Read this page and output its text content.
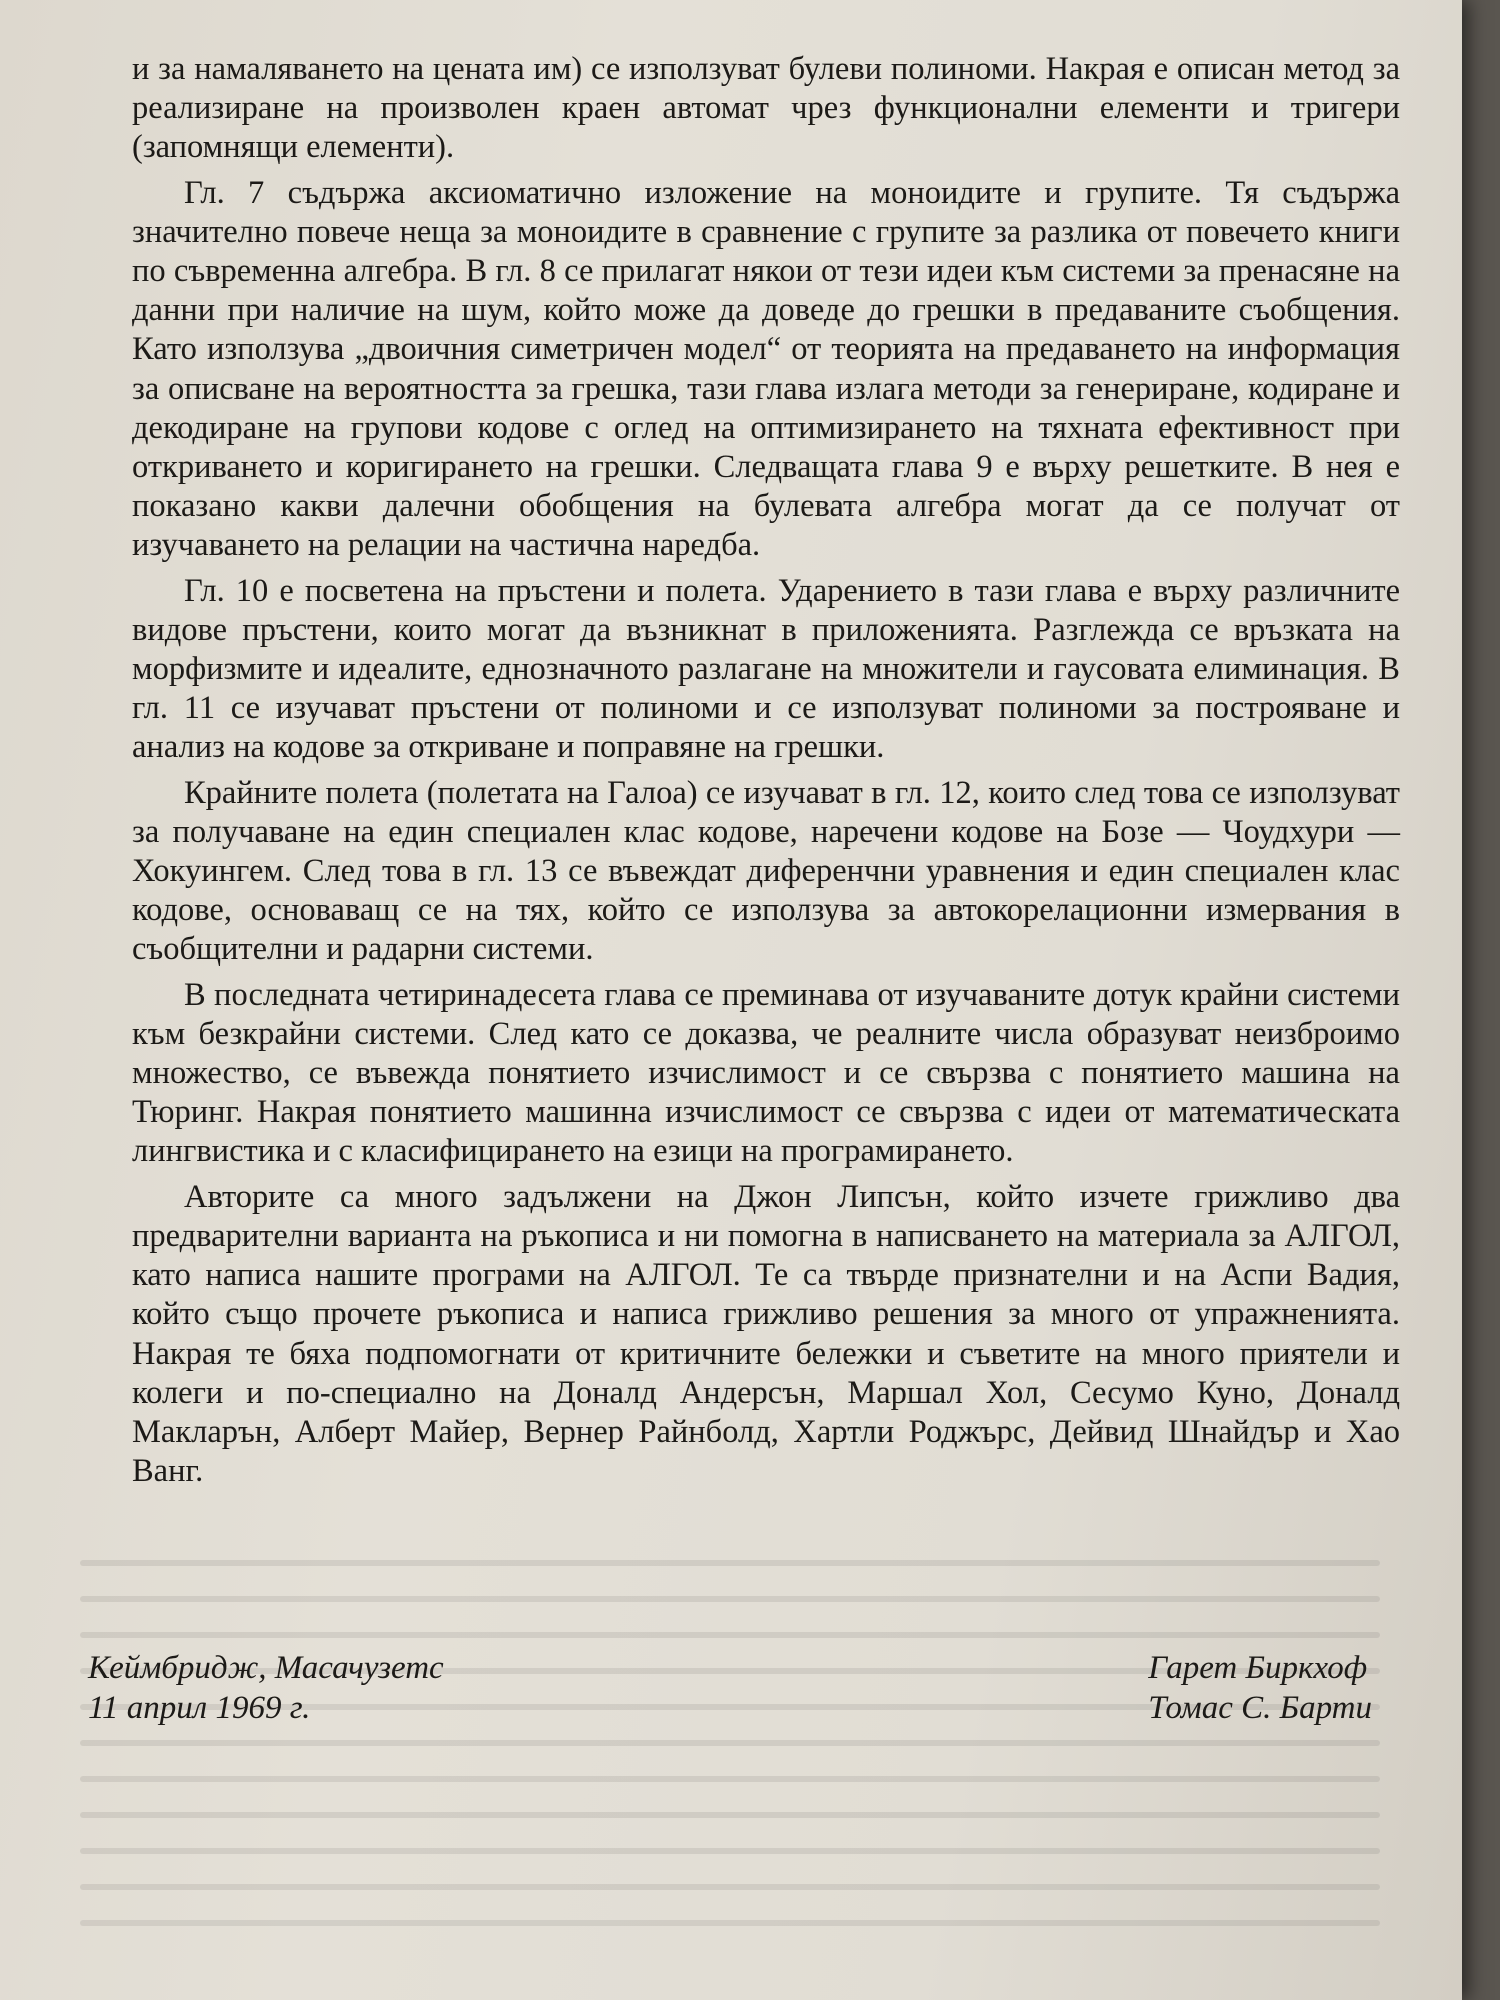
и за намаляването на цената им) се използуват булеви полиноми. Накрая е описан метод за реализиране на произволен краен автомат чрез функционални елементи и тригери (запомнящи елементи).

Гл. 7 съдържа аксиоматично изложение на моноидите и групите. Тя съдържа значително повече неща за моноидите в сравнение с групите за разлика от повечето книги по съвременна алгебра. В гл. 8 се прилагат някои от тези идеи към системи за пренасяне на данни при наличие на шум, който може да доведе до грешки в предаваните съобщения. Като използува „двоичния симетричен модел“ от теорията на предаването на информация за описване на вероятността за грешка, тази глава излага методи за генериране, кодиране и декодиране на групови кодове с оглед на оптимизирането на тяхната ефективност при откриването и коригирането на грешки. Следващата глава 9 е върху решетките. В нея е показано какви далечни обобщения на булевата алгебра могат да се получат от изучаването на релации на частична наредба.

Гл. 10 е посветена на пръстени и полета. Ударението в тази глава е върху различните видове пръстени, които могат да възникнат в приложенията. Разглежда се връзката на морфизмите и идеалите, еднозначното разлагане на множители и гаусовата елиминация. В гл. 11 се изучават пръстени от полиноми и се използуват полиноми за построяване и анализ на кодове за откриване и поправяне на грешки.

Крайните полета (полетата на Галоа) се изучават в гл. 12, които след това се използуват за получаване на един специален клас кодове, наречени кодове на Бозе — Чоудхури — Хокуингем. След това в гл. 13 се въвеждат диференчни уравнения и един специален клас кодове, основаващ се на тях, който се използува за автокорелационни измервания в съобщителни и радарни системи.

В последната четиринадесета глава се преминава от изучаваните дотук крайни системи към безкрайни системи. След като се доказва, че реалните числа образуват неизброимо множество, се въвежда понятието изчислимост и се свързва с понятието машина на Тюринг. Накрая понятието машинна изчислимост се свързва с идеи от математическата лингвистика и с класифицирането на езици на програмирането.

Авторите са много задължени на Джон Липсън, който изчете грижливо два предварителни варианта на ръкописа и ни помогна в написването на материала за АЛГОЛ, като написа нашите програми на АЛГОЛ. Те са твърде признателни и на Аспи Вадия, който също прочете ръкописа и написа грижливо решения за много от упражненията. Накрая те бяха подпомогнати от критичните бележки и съветите на много приятели и колеги и по-специално на Доналд Андерсън, Маршал Хол, Сесумо Куно, Доналд Макларън, Алберт Майер, Вернер Райнболд, Хартли Роджърс, Дейвид Шнайдър и Хао Ванг.

Кеймбридж, Масачузетс
11 април 1969 г.
Гарет Биркхоф
Томас С. Барти
